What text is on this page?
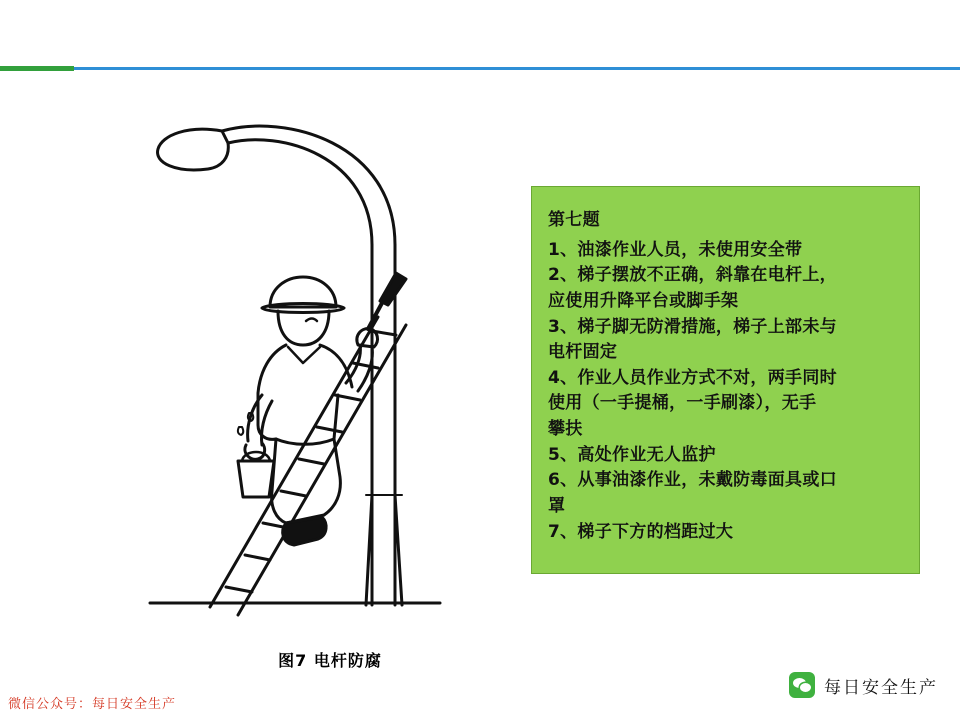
图7 电杆防腐

第七题

1、油漆作业人员，未使用安全带

2、梯子摆放不正确，斜靠在电杆上，

应使用升降平台或脚手架

3、梯子脚无防滑措施，梯子上部未与

电杆固定

4、作业人员作业方式不对，两手同时

使用（一手提桶，一手刷漆），无手

攀扶

5、高处作业无人监护

6、从事油漆作业，未戴防毒面具或口

罩

7、梯子下方的档距过大

微信公众号：每日安全生产
每日安全生产
